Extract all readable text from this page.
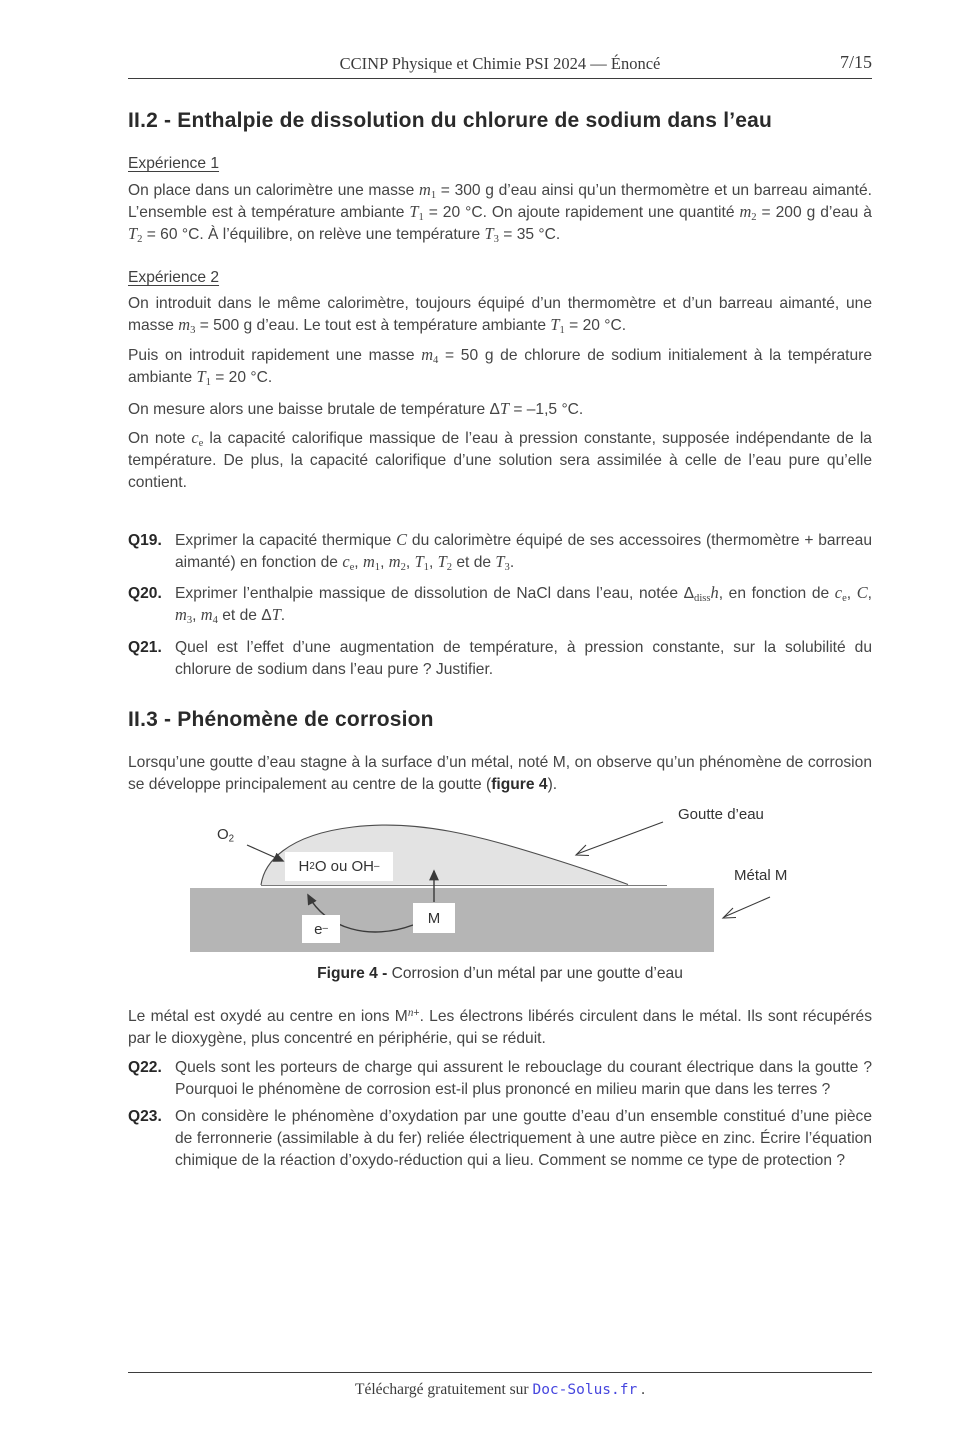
CCINP Physique et Chimie PSI 2024 — Énoncé	7/15
II.2 - Enthalpie de dissolution du chlorure de sodium dans l’eau
Expérience 1

On place dans un calorimètre une masse $m_1 = 300$ g d’eau ainsi qu’un thermomètre et un barreau aimanté. L’ensemble est à température ambiante $T_1 = 20$ °C. On ajoute rapidement une quantité $m_2 = 200$ g d’eau à $T_2 = 60$ °C. À l’équilibre, on relève une température $T_3 = 35$ °C.

Expérience 2

On introduit dans le même calorimètre, toujours équipé d’un thermomètre et d’un barreau aimanté, une masse $m_3 = 500$ g d’eau. Le tout est à température ambiante $T_1 = 20$ °C.

Puis on introduit rapidement une masse $m_4 = 50$ g de chlorure de sodium initialement à la température ambiante $T_1 = 20$ °C.

On mesure alors une baisse brutale de température ΔT = –1,5 °C.

On note $c_e$ la capacité calorifique massique de l’eau à pression constante, supposée indépendante de la température. De plus, la capacité calorifique d’une solution sera assimilée à celle de l’eau pure qu’elle contient.

Q19. Exprimer la capacité thermique C du calorimètre équipé de ses accessoires (thermomètre + barreau aimanté) en fonction de $c_e$, $m_1$, $m_2$, $T_1$, $T_2$ et de $T_3$.
Q20. Exprimer l’enthalpie massique de dissolution de NaCl dans l’eau, notée $\Delta_{diss}h$, en fonction de $c_e$, C, $m_3$, $m_4$ et de ΔT.
Q21. Quel est l’effet d’une augmentation de température, à pression constante, sur la solubilité du chlorure de sodium dans l’eau pure ? Justifier.
II.3 - Phénomène de corrosion

Lorsqu’une goutte d’eau stagne à la surface d’un métal, noté M, on observe qu’un phénomène de corrosion se développe principalement au centre de la goutte (figure 4).

$O_2$
H 2 O ou OH –
M
e –
Goutte d’eau
Métal M
Figure 4 - Corrosion d’un métal par une goutte d’eau

Le métal est oxydé au centre en ions $M^{n+}$. Les électrons libérés circulent dans le métal. Ils sont récupérés par le dioxygène, plus concentré en périphérie, qui se réduit.

Q22. Quels sont les porteurs de charge qui assurent le rebouclage du courant électrique dans la goutte ? Pourquoi le phénomène de corrosion est-il plus prononcé en milieu marin que dans les terres ?
Q23. On considère le phénomène d’oxydation par une goutte d’eau d’un ensemble constitué d’une pièce de ferronnerie (assimilable à du fer) reliée électriquement à une autre pièce en zinc. Écrire l’équation chimique de la réaction d’oxydo-réduction qui a lieu. Comment se nomme ce type de protection ?
Téléchargé gratuitement sur Doc-Solus.fr .
